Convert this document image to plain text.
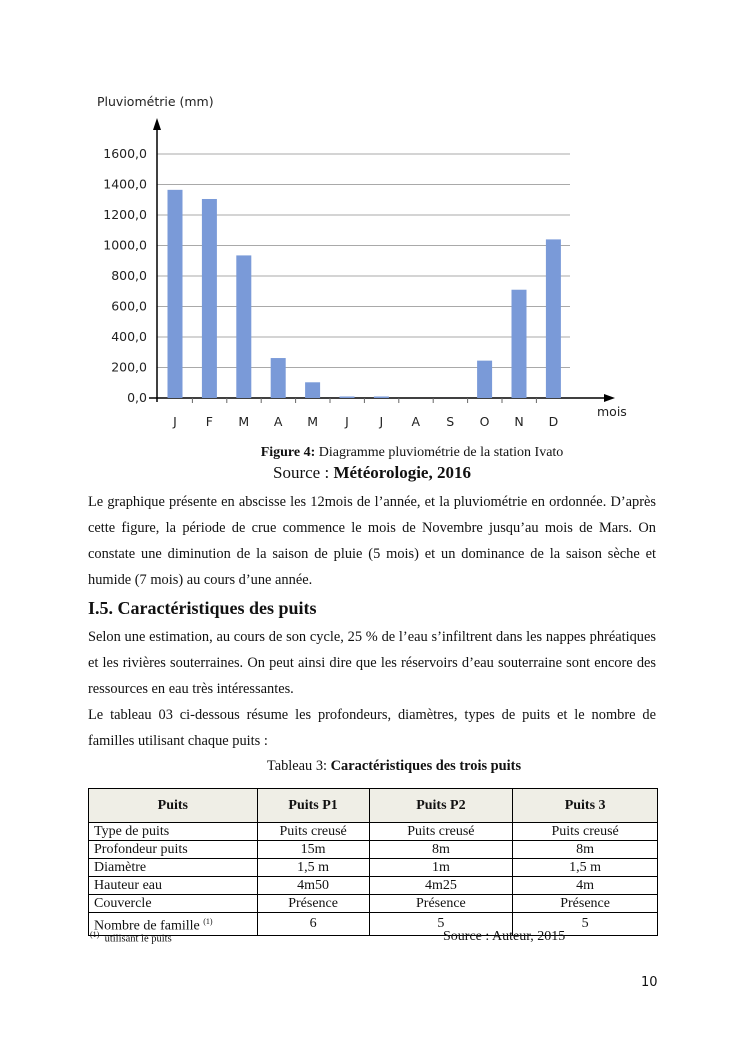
0,0
200,0
400,0
600,0
800,0
1000,0
1200,0
1400,0
1600,0
Pluviométrie (mm)
mois
J F M A M J J A S O N D
Figure 4: Diagramme pluviométrie de la station Ivato
Source : Météorologie, 2016
Le graphique présente en abscisse les 12mois de l’année, et la pluviométrie en ordonnée. D’après cette figure, la période de crue commence le mois de Novembre jusqu’au mois de Mars. On constate une diminution de la saison de pluie (5 mois) et un dominance de la saison sèche et humide (7 mois) au cours d’une année.
I.5. Caractéristiques des puits
Selon une estimation, au cours de son cycle, 25 % de l’eau s’infiltrent dans les nappes phréatiques et les rivières souterraines. On peut ainsi dire que les réservoirs d’eau souterraine sont encore des ressources en eau très intéressantes.
Le tableau 03 ci-dessous résume les profondeurs, diamètres, types de puits et le nombre de familles utilisant chaque puits :
Tableau 3: Caractéristiques des trois puits
Puits	Puits P1	Puits P2	Puits 3
Type de puits	Puits creusé	Puits creusé	Puits creusé
Profondeur puits	15m	8m	8m
Diamètre	1,5 m	1m	1,5 m
Hauteur eau	4m50	4m25	4m
Couvercle	Présence	Présence	Présence
Nombre de famille $^{(1)}$	6	5	5
$^{(1)}$ utilisant le puits	Source : Auteur, 2015
10
